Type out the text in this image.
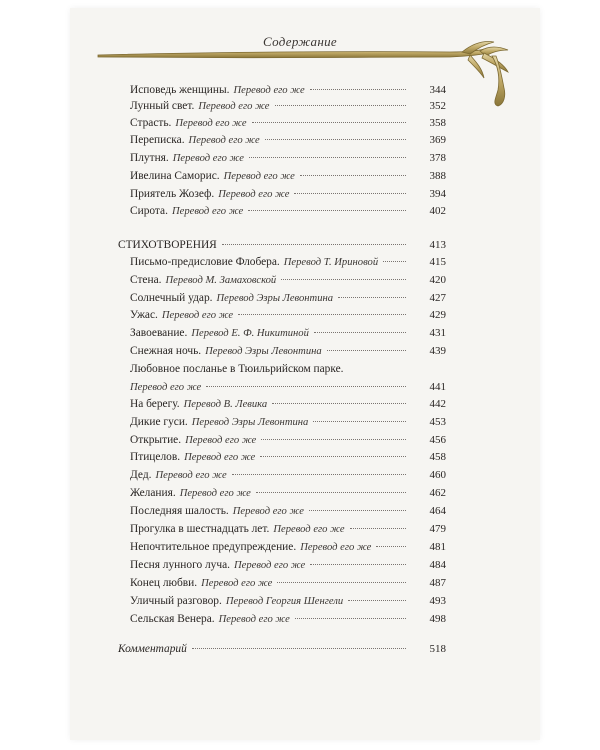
Содержание
Исповедь женщины. Перевод его же	344
Лунный свет. Перевод его же	352
Страсть. Перевод его же	358
Переписка. Перевод его же	369
Плутня. Перевод его же	378
Ивелина Саморис. Перевод его же	388
Приятель Жозеф. Перевод его же	394
Сирота. Перевод его же	402
СТИХОТВОРЕНИЯ	413
Письмо-предисловие Флобера. Перевод Т. Ириновой	415
Стена. Перевод М. Замаховской	420
Солнечный удар. Перевод Эзры Левонтина	427
Ужас. Перевод его же	429
Завоевание. Перевод Е. Ф. Никитиной	431
Снежная ночь. Перевод Эзры Левонтина	439
Любовное посланье в Тюильрийском парке.
Перевод его же	441
На берегу. Перевод В. Левика	442
Дикие гуси. Перевод Эзры Левонтина	453
Открытие. Перевод его же	456
Птицелов. Перевод его же	458
Дед. Перевод его же	460
Желания. Перевод его же	462
Последняя шалость. Перевод его же	464
Прогулка в шестнадцать лет. Перевод его же	479
Непочтительное предупреждение. Перевод его же	481
Песня лунного луча. Перевод его же	484
Конец любви. Перевод его же	487
Уличный разговор. Перевод Георгия Шенгели	493
Сельская Венера. Перевод его же	498
Комментарий	518
